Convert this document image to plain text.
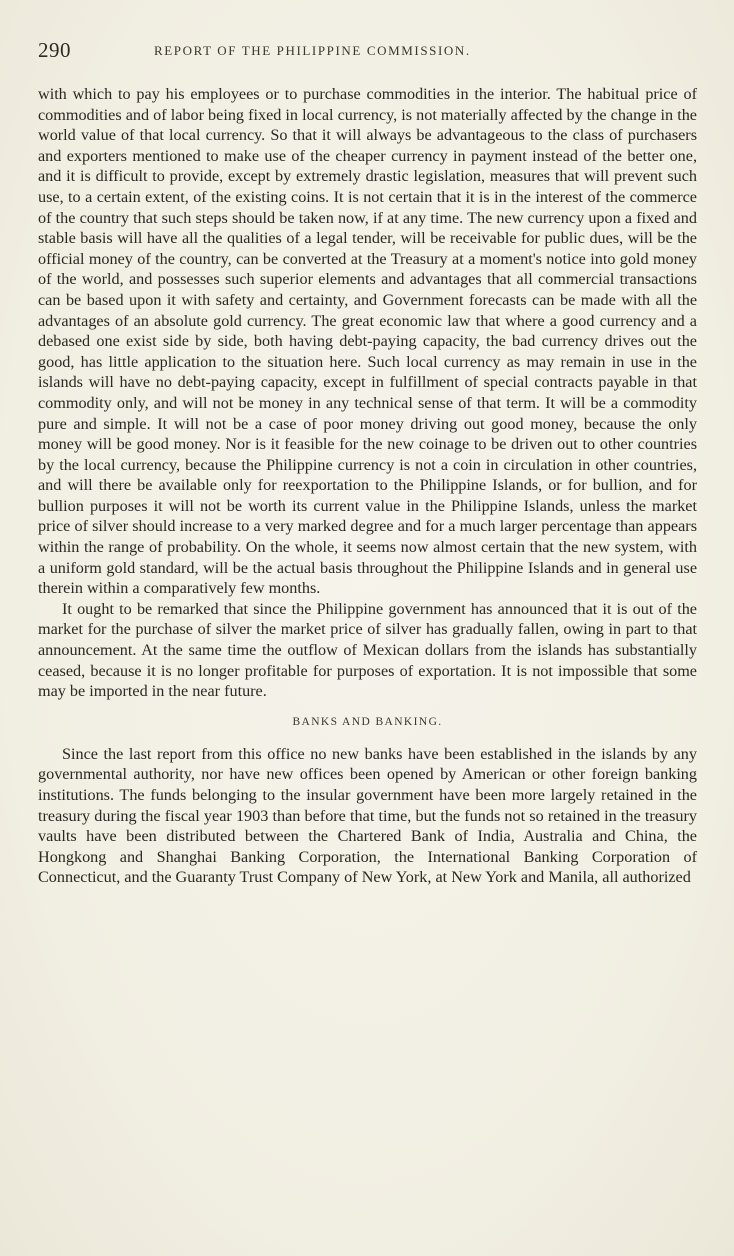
290	REPORT OF THE PHILIPPINE COMMISSION.

with which to pay his employees or to purchase commodities in the interior. The habitual price of commodities and of labor being fixed in local currency, is not materially affected by the change in the world value of that local currency. So that it will always be advantageous to the class of purchasers and exporters mentioned to make use of the cheaper currency in payment instead of the better one, and it is difficult to provide, except by extremely drastic legislation, measures that will prevent such use, to a certain extent, of the existing coins. It is not certain that it is in the interest of the commerce of the country that such steps should be taken now, if at any time. The new currency upon a fixed and stable basis will have all the qualities of a legal tender, will be receivable for public dues, will be the official money of the country, can be converted at the Treasury at a moment's notice into gold money of the world, and possesses such superior elements and advantages that all commercial transactions can be based upon it with safety and certainty, and Government forecasts can be made with all the advantages of an absolute gold currency. The great economic law that where a good currency and a debased one exist side by side, both having debt-paying capacity, the bad currency drives out the good, has little application to the situation here. Such local currency as may remain in use in the islands will have no debt-paying capacity, except in fulfillment of special contracts payable in that commodity only, and will not be money in any technical sense of that term. It will be a commodity pure and simple. It will not be a case of poor money driving out good money, because the only money will be good money. Nor is it feasible for the new coinage to be driven out to other countries by the local currency, because the Philippine currency is not a coin in circulation in other countries, and will there be available only for reexportation to the Philippine Islands, or for bullion, and for bullion purposes it will not be worth its current value in the Philippine Islands, unless the market price of silver should increase to a very marked degree and for a much larger percentage than appears within the range of probability. On the whole, it seems now almost certain that the new system, with a uniform gold standard, will be the actual basis throughout the Philippine Islands and in general use therein within a comparatively few months.

It ought to be remarked that since the Philippine government has announced that it is out of the market for the purchase of silver the market price of silver has gradually fallen, owing in part to that announcement. At the same time the outflow of Mexican dollars from the islands has substantially ceased, because it is no longer profitable for purposes of exportation. It is not impossible that some may be imported in the near future.

BANKS AND BANKING.

Since the last report from this office no new banks have been established in the islands by any governmental authority, nor have new offices been opened by American or other foreign banking institutions. The funds belonging to the insular government have been more largely retained in the treasury during the fiscal year 1903 than before that time, but the funds not so retained in the treasury vaults have been distributed between the Chartered Bank of India, Australia and China, the Hongkong and Shanghai Banking Corporation, the International Banking Corporation of Connecticut, and the Guaranty Trust Company of New York, at New York and Manila, all authorized
